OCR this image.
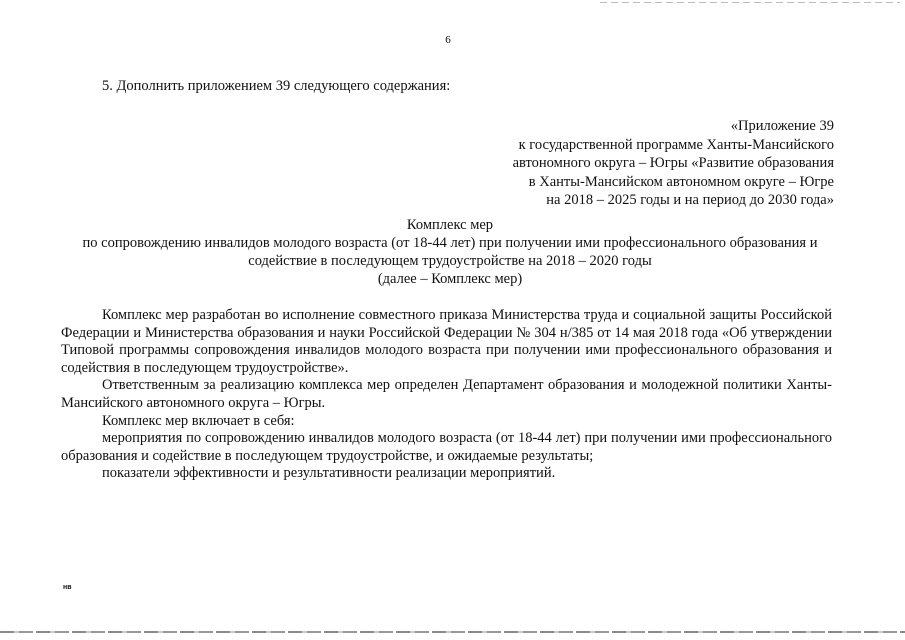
6
5. Дополнить приложением 39 следующего содержания:
«Приложение 39
к государственной программе Ханты-Мансийского
автономного округа – Югры «Развитие образования
в Ханты-Мансийском автономном округе – Югре
на 2018 – 2025 годы и на период до 2030 года»
Комплекс мер
по сопровождению инвалидов молодого возраста (от 18-44 лет) при получении ими профессионального образования и
содействие в последующем трудоустройстве на 2018 – 2020 годы
(далее – Комплекс мер)

Комплекс мер разработан во исполнение совместного приказа Министерства труда и социальной защиты Российской Федерации и Министерства образования и науки Российской Федерации № 304 н/385 от 14 мая 2018 года «Об утверждении Типовой программы сопровождения инвалидов молодого возраста при получении ими профессионального образования и содействия в последующем трудоустройстве».

Ответственным за реализацию комплекса мер определен Департамент образования и молодежной политики Ханты-Мансийского автономного округа – Югры.

Комплекс мер включает в себя:

мероприятия по сопровождению инвалидов молодого возраста (от 18-44 лет) при получении ими профессионального образования и содействие в последующем трудоустройстве, и ожидаемые результаты;

показатели эффективности и результативности реализации мероприятий.

нв
